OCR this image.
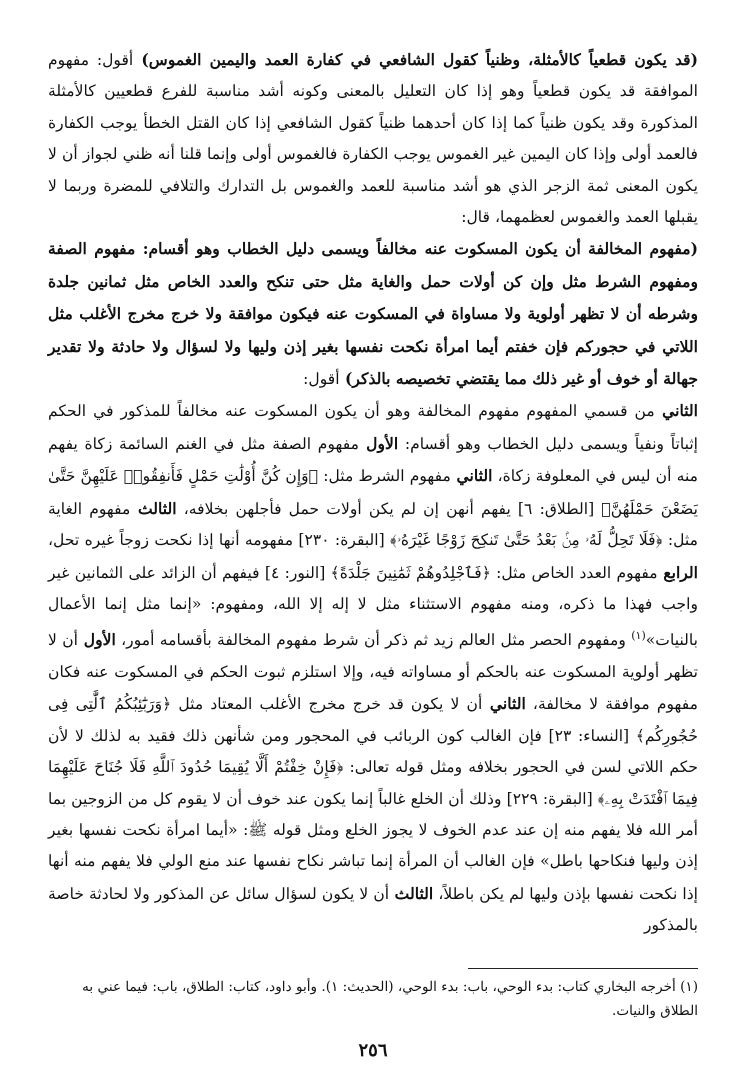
(قد يكون قطعياً كالأمثلة، وظنياً كقول الشافعي في كفارة العمد واليمين الغموس) أقول: مفهوم الموافقة قد يكون قطعياً وهو إذا كان التعليل بالمعنى وكونه أشد مناسبة للفرع قطعيين كالأمثلة المذكورة وقد يكون ظنياً كما إذا كان أحدهما ظنياً كقول الشافعي إذا كان القتل الخطأ يوجب الكفارة فالعمد أولى وإذا كان اليمين غير الغموس يوجب الكفارة فالغموس أولى وإنما قلنا أنه ظني لجواز أن لا يكون المعنى ثمة الزجر الذي هو أشد مناسبة للعمد والغموس بل التدارك والتلافي للمضرة وربما لا يقبلها العمد والغموس لعظمهما، قال:

(مفهوم المخالفة أن يكون المسكوت عنه مخالفاً ويسمى دليل الخطاب وهو أقسام: مفهوم الصفة ومفهوم الشرط مثل وإن كن أولات حمل والغاية مثل حتى تنكح والعدد الخاص مثل ثمانين جلدة وشرطه أن لا تظهر أولوية ولا مساواة في المسكوت عنه فيكون موافقة ولا خرج مخرج الأغلب مثل اللاتي في حجوركم فإن خفتم أيما امرأة نكحت نفسها بغير إذن وليها ولا لسؤال ولا حادثة ولا تقدير جهالة أو خوف أو غير ذلك مما يقتضي تخصيصه بالذكر) أقول:

الثاني من قسمي المفهوم مفهوم المخالفة وهو أن يكون المسكوت عنه مخالفاً للمذكور في الحكم إثباتاً ونفياً ويسمى دليل الخطاب وهو أقسام: الأول مفهوم الصفة مثل في الغنم السائمة زكاة يفهم منه أن ليس في المعلوفة زكاة، الثاني مفهوم الشرط مثل: ﴿وَإِن كُنَّ أُوْلَٰتِ حَمْلٍ فَأَنفِقُوا۟ عَلَيْهِنَّ حَتَّىٰ يَضَعْنَ حَمْلَهُنَّ﴾ [الطلاق: ٦] يفهم أنهن إن لم يكن أولات حمل فأجلهن بخلافه، الثالث مفهوم الغاية مثل: ﴿فَلَا تَحِلُّ لَهُۥ مِنۢ بَعْدُ حَتَّىٰ تَنكِحَ زَوْجًا غَيْرَهُۥ﴾ [البقرة: ٢٣٠] مفهومه أنها إذا نكحت زوجاً غيره تحل، الرابع مفهوم العدد الخاص مثل: ﴿فَٱجْلِدُوهُمْ ثَمَٰنِينَ جَلْدَةً﴾ [النور: ٤] فيفهم أن الزائد على الثمانين غير واجب فهذا ما ذكره، ومنه مفهوم الاستثناء مثل لا إله إلا الله، ومفهوم: «إنما مثل إنما الأعمال بالنيات»$^{(١)}$ ومفهوم الحصر مثل العالم زيد ثم ذكر أن شرط مفهوم المخالفة بأقسامه أمور، الأول أن لا تظهر أولوية المسكوت عنه بالحكم أو مساواته فيه، وإلا استلزم ثبوت الحكم في المسكوت عنه فكان مفهوم موافقة لا مخالفة، الثاني أن لا يكون قد خرج مخرج الأغلب المعتاد مثل ﴿وَرَبَٰٓئِبُكُمُ ٱلَّٰتِى فِى حُجُورِكُم﴾ [النساء: ٢٣] فإن الغالب كون الربائب في المحجور ومن شأنهن ذلك فقيد به لذلك لا لأن حكم اللاتي لسن في الحجور بخلافه ومثل قوله تعالى: ﴿فَإِنْ خِفْتُمْ أَلَّا يُقِيمَا حُدُودَ ٱللَّهِ فَلَا جُنَاحَ عَلَيْهِمَا فِيمَا ٱفْتَدَتْ بِهِۦ﴾ [البقرة: ٢٢٩] وذلك أن الخلع غالباً إنما يكون عند خوف أن لا يقوم كل من الزوجين بما أمر الله فلا يفهم منه إن عند عدم الخوف لا يجوز الخلع ومثل قوله ﷺ: «أيما امرأة نكحت نفسها بغير إذن وليها فنكاحها باطل» فإن الغالب أن المرأة إنما تباشر نكاح نفسها عند منع الولي فلا يفهم منه أنها إذا نكحت نفسها بإذن وليها لم يكن باطلاً، الثالث أن لا يكون لسؤال سائل عن المذكور ولا لحادثة خاصة بالمذكور

(١) أخرجه البخاري كتاب: بدء الوحي، باب: بدء الوحي، (الحديث: ١). وأبو داود، كتاب: الطلاق، باب: فيما عني به الطلاق والنيات.
٢٥٦
